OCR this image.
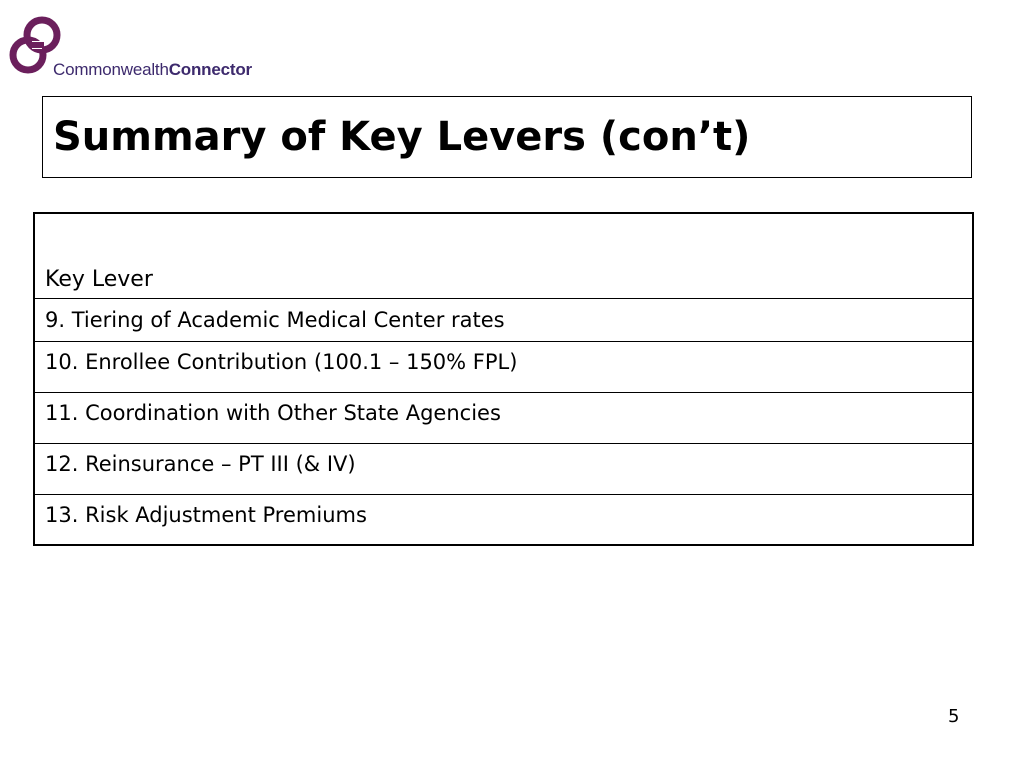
CommonwealthConnector
Summary of Key Levers (con’t)
Key Lever
9. Tiering of Academic Medical Center rates
10. Enrollee Contribution (100.1 – 150% FPL)
11. Coordination with Other State Agencies
12. Reinsurance – PT III (& IV)
13. Risk Adjustment Premiums
5
